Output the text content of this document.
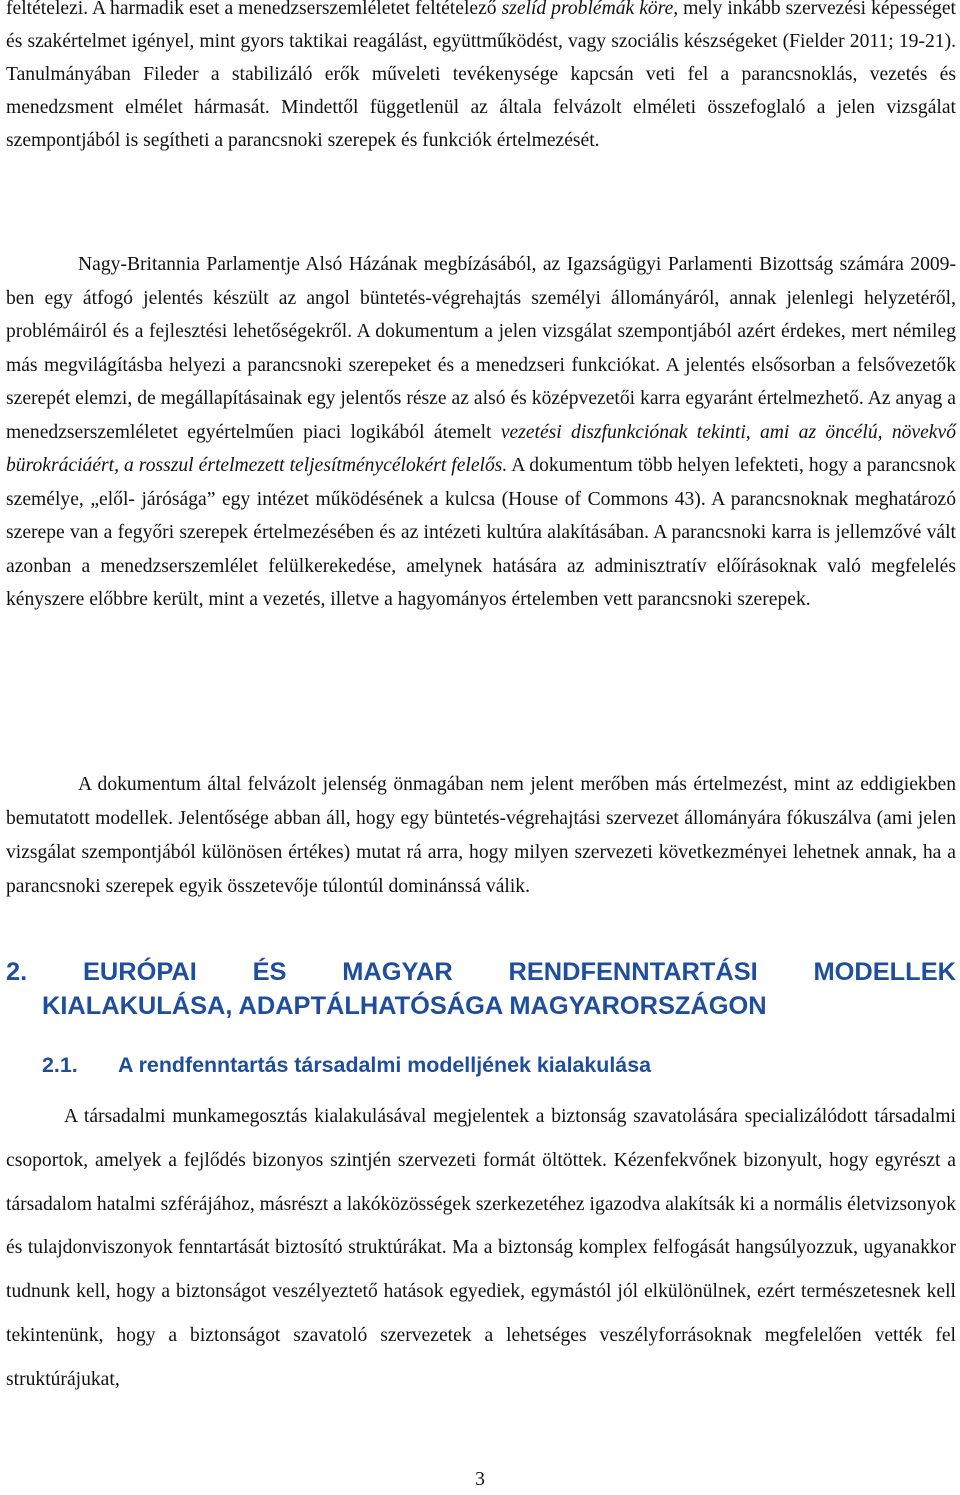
feltételezi. A harmadik eset a menedzserszemléletet feltételező szelíd problémák köre, mely inkább szervezési képességet és szakértelmet igényel, mint gyors taktikai reagálást, együttműködést, vagy szociális készségeket (Fielder 2011; 19-21). Tanulmányában Fileder a stabilizáló erők műveleti tevékenysége kapcsán veti fel a parancsnoklás, vezetés és menedzsment elmélet hármasát. Mindettől függetlenül az általa felvázolt elméleti összefoglaló a jelen vizsgálat szempontjából is segítheti a parancsnoki szerepek és funkciók értelmezését.

Nagy-Britannia Parlamentje Alsó Házának megbízásából, az Igazságügyi Parlamenti Bizottság számára 2009-ben egy átfogó jelentés készült az angol büntetés-végrehajtás személyi állományáról, annak jelenlegi helyzetéről, problémáiról és a fejlesztési lehetőségekről. A dokumentum a jelen vizsgálat szempontjából azért érdekes, mert némileg más megvilágításba helyezi a parancsnoki szerepeket és a menedzseri funkciókat. A jelentés elsősorban a felsővezetők szerepét elemzi, de megállapításainak egy jelentős része az alsó és középvezetői karra egyaránt értelmezhető. Az anyag a menedzserszemléletet egyértelműen piaci logikából átemelt vezetési diszfunkciónak tekinti, ami az öncélú, növekvő bürokráciáért, a rosszul értelmezett teljesítménycélokért felelős. A dokumentum több helyen lefekteti, hogy a parancsnok személye, „elől- járósága” egy intézet működésének a kulcsa (House of Commons 43). A parancsnoknak meghatározó szerepe van a fegyőri szerepek értelmezésében és az intézeti kultúra alakításában. A parancsnoki karra is jellemzővé vált azonban a menedzserszemlélet felülkerekedése, amelynek hatására az adminisztratív előírásoknak való megfelelés kényszere előbbre került, mint a vezetés, illetve a hagyományos értelemben vett parancsnoki szerepek.

A dokumentum által felvázolt jelenség önmagában nem jelent merőben más értelmezést, mint az eddigiekben bemutatott modellek. Jelentősége abban áll, hogy egy büntetés-végrehajtási szervezet állományára fókuszálva (ami jelen vizsgálat szempontjából különösen értékes) mutat rá arra, hogy milyen szervezeti következményei lehetnek annak, ha a parancsnoki szerepek egyik összetevője túlontúl dominánssá válik.

2. EURÓPAI ÉS MAGYAR RENDFENNTARTÁSI MODELLEK
KIALAKULÁSA, ADAPTÁLHATÓSÁGA MAGYARORSZÁGON
2.1. A rendfenntartás társadalmi modelljének kialakulása

A társadalmi munkamegosztás kialakulásával megjelentek a biztonság szavatolására specializálódott társadalmi csoportok, amelyek a fejlődés bizonyos szintjén szervezeti formát öltöttek. Kézenfekvőnek bizonyult, hogy egyrészt a társadalom hatalmi szférájához, másrészt a lakóközösségek szerkezetéhez igazodva alakítsák ki a normális életvizsonyok és tulajdonviszonyok fenntartását biztosító struktúrákat. Ma a biztonság komplex felfogását hangsúlyozzuk, ugyanakkor tudnunk kell, hogy a biztonságot veszélyeztető hatások egyediek, egymástól jól elkülönülnek, ezért természetesnek kell tekintenünk, hogy a biztonságot szavatoló szervezetek a lehetséges veszélyforrásoknak megfelelően vették fel struktúrájukat,

3
